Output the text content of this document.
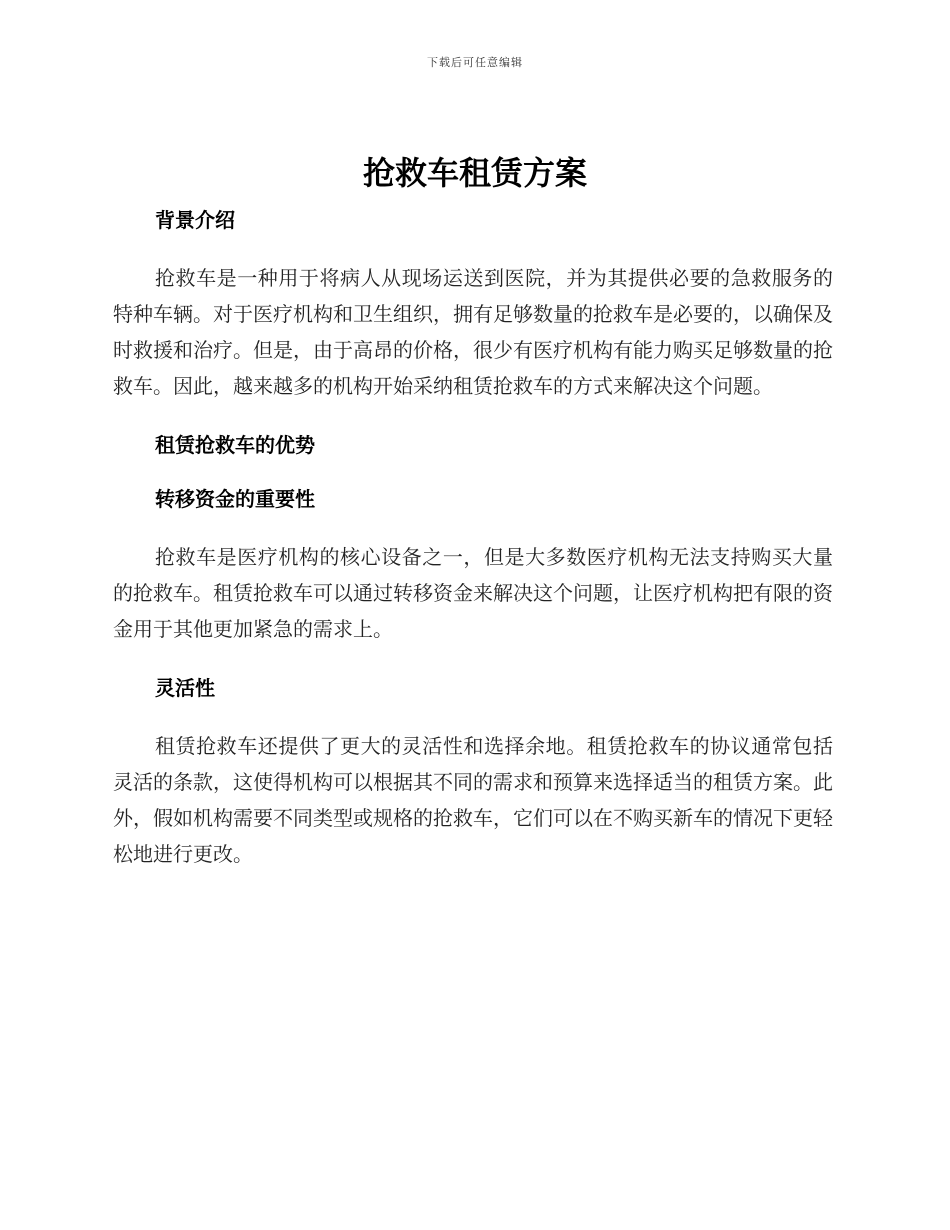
下载后可任意编辑
抢救车租赁方案
背景介绍

抢救车是一种用于将病人从现场运送到医院，并为其提供必要的急救服务的特种车辆。对于医疗机构和卫生组织，拥有足够数量的抢救车是必要的，以确保及时救援和治疗。但是，由于高昂的价格，很少有医疗机构有能力购买足够数量的抢救车。因此，越来越多的机构开始采纳租赁抢救车的方式来解决这个问题。

租赁抢救车的优势
转移资金的重要性

抢救车是医疗机构的核心设备之一，但是大多数医疗机构无法支持购买大量的抢救车。租赁抢救车可以通过转移资金来解决这个问题，让医疗机构把有限的资金用于其他更加紧急的需求上。

灵活性

租赁抢救车还提供了更大的灵活性和选择余地。租赁抢救车的协议通常包括灵活的条款，这使得机构可以根据其不同的需求和预算来选择适当的租赁方案。此外，假如机构需要不同类型或规格的抢救车，它们可以在不购买新车的情况下更轻松地进行更改。
